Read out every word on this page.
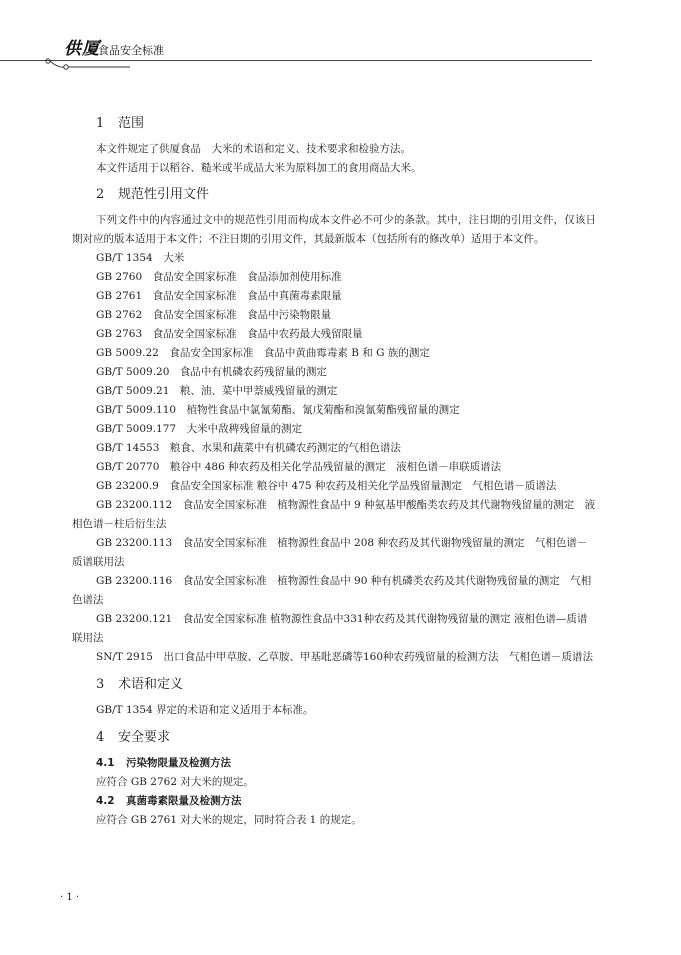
供厦
食品安全标准
1 范围

本文件规定了供厦食品　大米的术语和定义、技术要求和检验方法。

本文件适用于以稻谷、糙米或半成品大米为原料加工的食用商品大米。

2 规范性引用文件

下列文件中的内容通过文中的规范性引用而构成本文件必不可少的条款。其中，注日期的引用文件，仅该日期对应的版本适用于本文件；不注日期的引用文件，其最新版本（包括所有的修改单）适用于本文件。

GB/T 1354　大米

GB 2760　食品安全国家标准　食品添加剂使用标准

GB 2761　食品安全国家标准　食品中真菌毒素限量

GB 2762　食品安全国家标准　食品中污染物限量

GB 2763　食品安全国家标准　食品中农药最大残留限量

GB 5009.22　食品安全国家标准　食品中黄曲霉毒素 B 和 G 族的测定

GB/T 5009.20　食品中有机磷农药残留量的测定

GB/T 5009.21　粮、油、菜中甲萘威残留量的测定

GB/T 5009.110　植物性食品中氯氰菊酯、氰戊菊酯和溴氰菊酯残留量的测定

GB/T 5009.177　大米中敌稗残留量的测定

GB/T 14553　粮食、水果和蔬菜中有机磷农药测定的气相色谱法

GB/T 20770　粮谷中 486 种农药及相关化学品残留量的测定　液相色谱－串联质谱法

GB 23200.9　食品安全国家标准 粮谷中 475 种农药及相关化学品残留量测定　气相色谱－质谱法

GB 23200.112　食品安全国家标准　植物源性食品中 9 种氨基甲酸酯类农药及其代谢物残留量的测定　液相色谱－柱后衍生法

GB 23200.113　食品安全国家标准　植物源性食品中 208 种农药及其代谢物残留量的测定　气相色谱－质谱联用法

GB 23200.116　食品安全国家标准　植物源性食品中 90 种有机磷类农药及其代谢物残留量的测定　气相色谱法

GB 23200.121　食品安全国家标准 植物源性食品中331种农药及其代谢物残留量的测定 液相色谱—质谱联用法

SN/T 2915　出口食品中甲草胺、乙草胺、甲基吡恶磷等160种农药残留量的检测方法　气相色谱－质谱法

3 术语和定义

GB/T 1354 界定的术语和定义适用于本标准。

4 安全要求
4.1 污染物限量及检测方法

应符合 GB 2762 对大米的规定。

4.2 真菌毒素限量及检测方法

应符合 GB 2761 对大米的规定，同时符合表 1 的规定。

· 1 ·
